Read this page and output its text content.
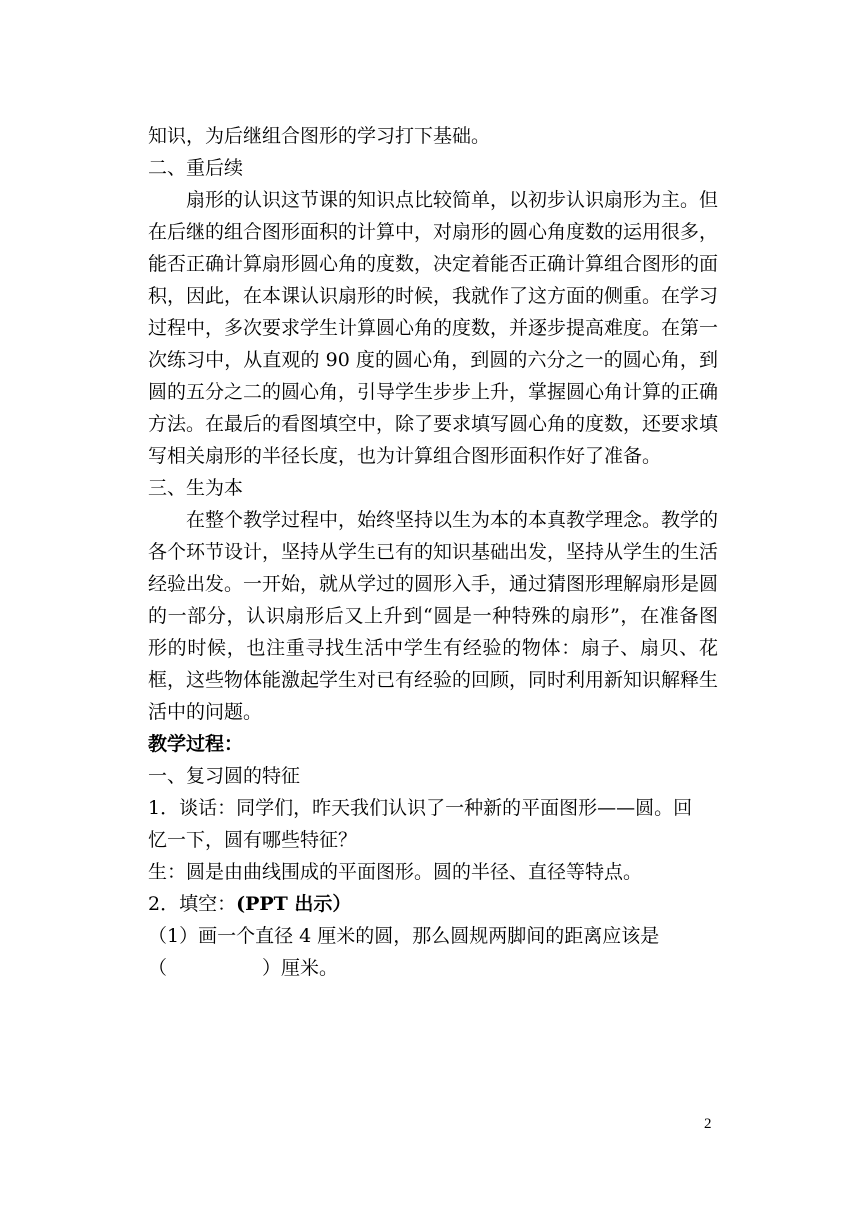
知识，为后继组合图形的学习打下基础。
二、重后续

扇形的认识这节课的知识点比较简单，以初步认识扇形为主。但在后继的组合图形面积的计算中，对扇形的圆心角度数的运用很多，能否正确计算扇形圆心角的度数，决定着能否正确计算组合图形的面积，因此，在本课认识扇形的时候，我就作了这方面的侧重。在学习过程中，多次要求学生计算圆心角的度数，并逐步提高难度。在第一次练习中，从直观的 90 度的圆心角，到圆的六分之一的圆心角，到圆的五分之二的圆心角，引导学生步步上升，掌握圆心角计算的正确方法。在最后的看图填空中，除了要求填写圆心角的度数，还要求填写相关扇形的半径长度，也为计算组合图形面积作好了准备。

三、生为本

在整个教学过程中，始终坚持以生为本的本真教学理念。教学的各个环节设计，坚持从学生已有的知识基础出发，坚持从学生的生活经验出发。一开始，就从学过的圆形入手，通过猜图形理解扇形是圆的一部分，认识扇形后又上升到“圆是一种特殊的扇形”，在准备图形的时候，也注重寻找生活中学生有经验的物体：扇子、扇贝、花框，这些物体能激起学生对已有经验的回顾，同时利用新知识解释生活中的问题。

教学过程：
一、复习圆的特征
1．谈话：同学们，昨天我们认识了一种新的平面图形——圆。回
忆一下，圆有哪些特征？
生：圆是由曲线围成的平面图形。圆的半径、直径等特点。
2．填空：(PPT 出示）
（1）画一个直径 4 厘米的圆，那么圆规两脚间的距离应该是
（　　　　　）厘米。
2
